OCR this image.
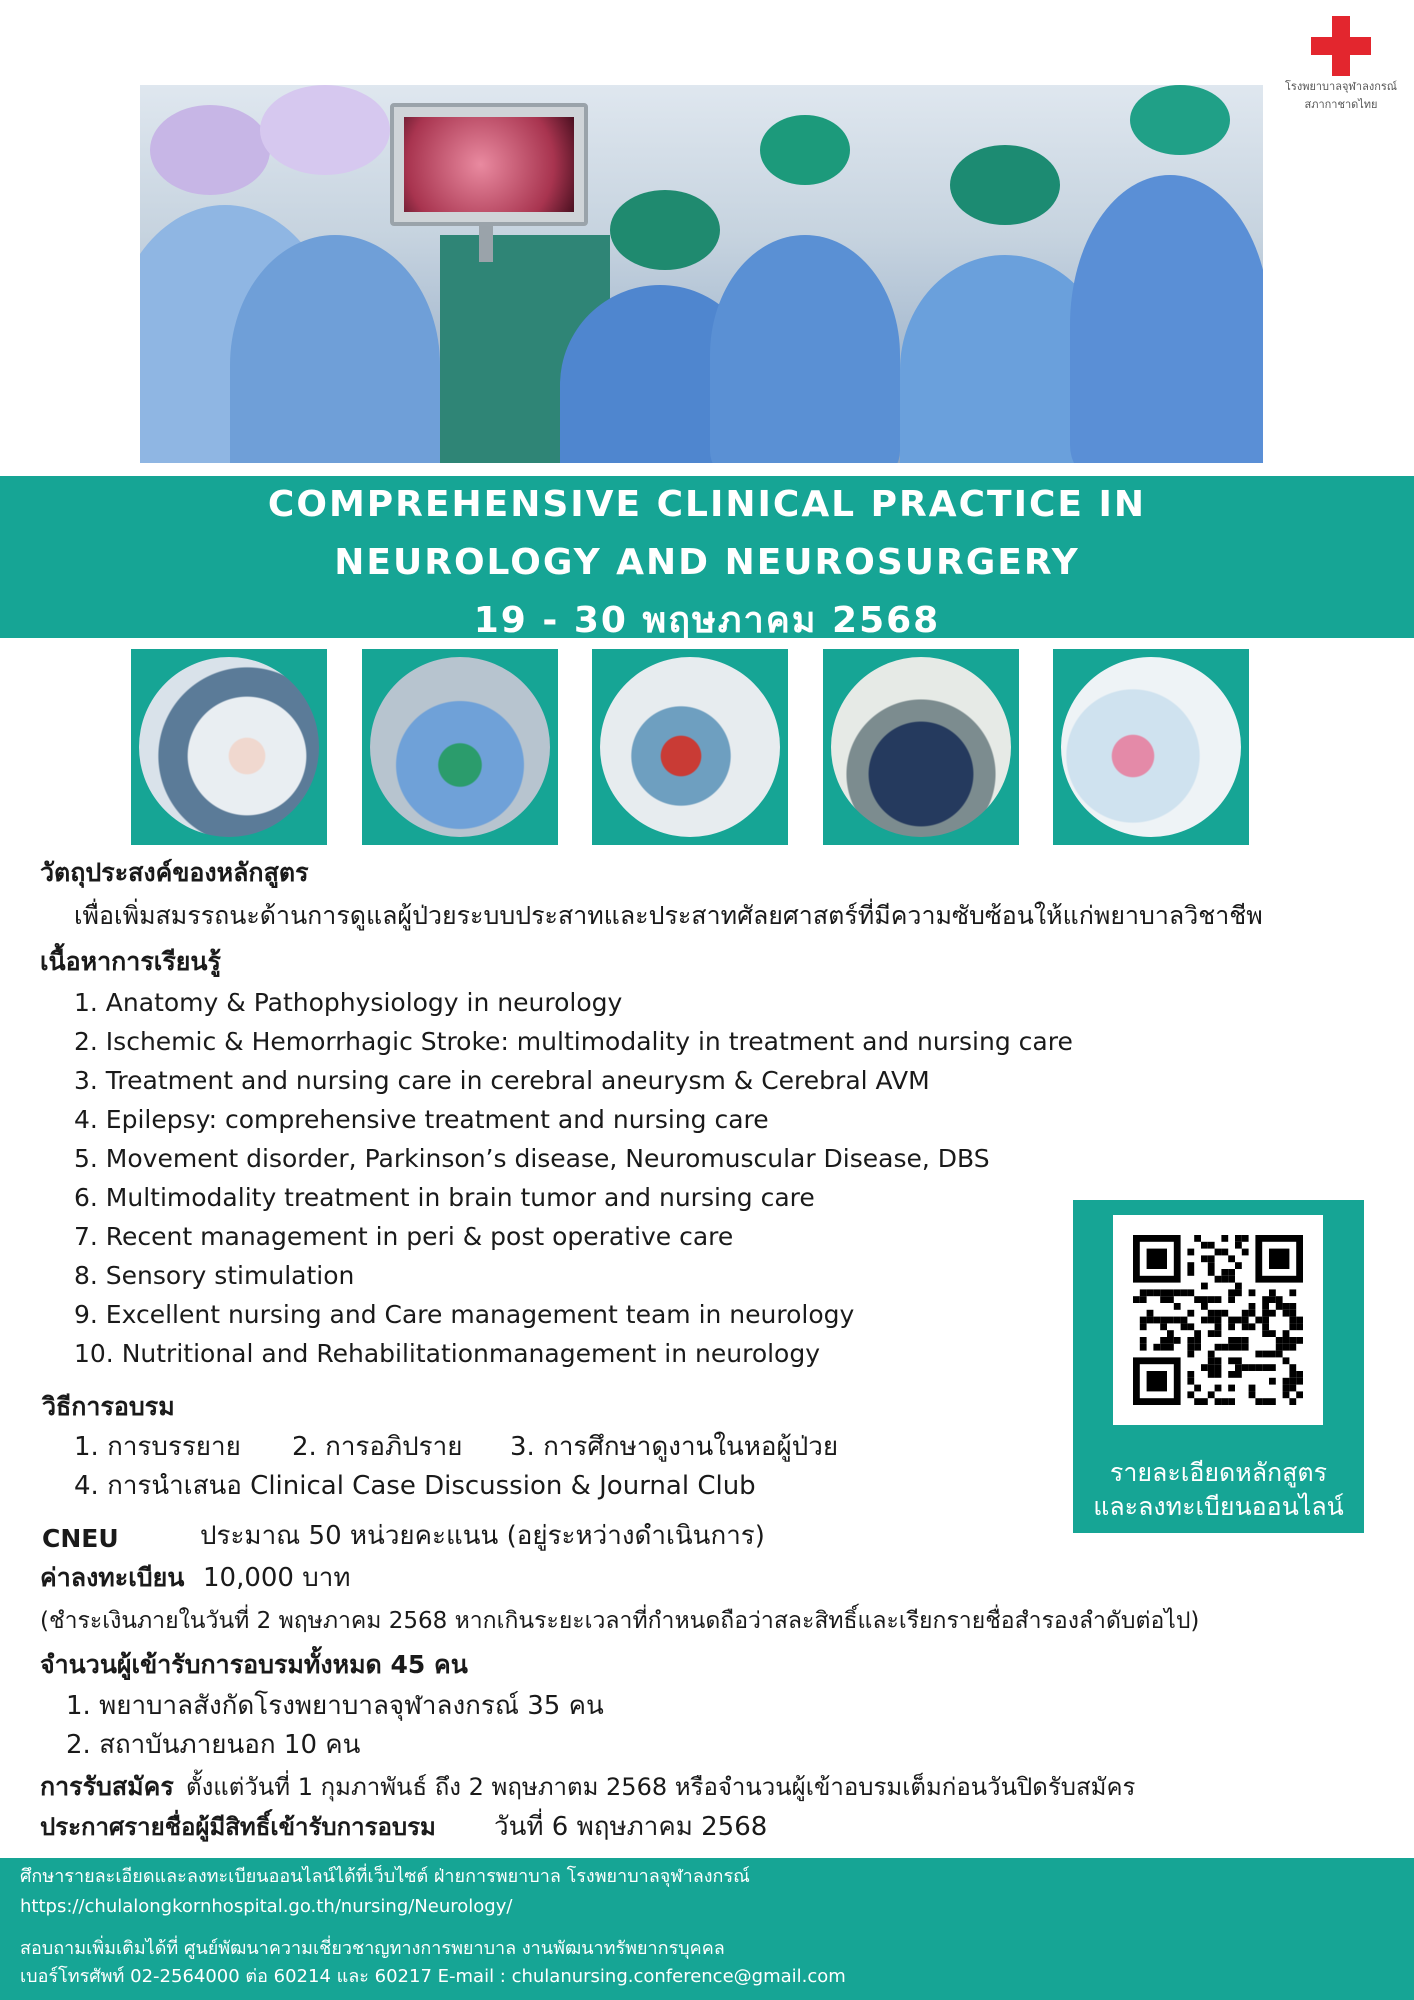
โรงพยาบาลจุฬาลงกรณ์
สภากาชาดไทย
COMPREHENSIVE CLINICAL PRACTICE IN
NEUROLOGY AND NEUROSURGERY
19 - 30 พฤษภาคม 2568
วัตถุประสงค์ของหลักสูตร
เพื่อเพิ่มสมรรถนะด้านการดูแลผู้ป่วยระบบประสาทและประสาทศัลยศาสตร์ที่มีความซับซ้อนให้แก่พยาบาลวิชาชีพ
เนื้อหาการเรียนรู้
1. Anatomy & Pathophysiology in neurology
2. Ischemic & Hemorrhagic Stroke: multimodality in treatment and nursing care
3. Treatment and nursing care in cerebral aneurysm & Cerebral AVM
4. Epilepsy: comprehensive treatment and nursing care
5. Movement disorder, Parkinson’s disease, Neuromuscular Disease, DBS
6. Multimodality treatment in brain tumor and nursing care
7. Recent management in peri & post operative care
8. Sensory stimulation
9. Excellent nursing and Care management team in neurology
10. Nutritional and Rehabilitationmanagement in neurology
รายละเอียดหลักสูตร
และลงทะเบียนออนไลน์
วิธีการอบรม
1. การบรรยาย 2. การอภิปราย 3. การศึกษาดูงานในหอผู้ป่วย
4. การนำเสนอ Clinical Case Discussion & Journal Club
CNEU	ประมาณ 50 หน่วยคะแนน (อยู่ระหว่างดำเนินการ)
ค่าลงทะเบียน 10,000 บาท
(ชำระเงินภายในวันที่ 2 พฤษภาคม 2568 หากเกินระยะเวลาที่กำหนดถือว่าสละสิทธิ์และเรียกรายชื่อสำรองลำดับต่อไป)
จำนวนผู้เข้ารับการอบรมทั้งหมด 45 คน
1. พยาบาลสังกัดโรงพยาบาลจุฬาลงกรณ์ 35 คน
2. สถาบันภายนอก 10 คน
การรับสมัคร ตั้งแต่วันที่ 1 กุมภาพันธ์ ถึง 2 พฤษภาตม 2568 หรือจำนวนผู้เข้าอบรมเต็มก่อนวันปิดรับสมัคร
ประกาศรายชื่อผู้มีสิทธิ์เข้ารับการอบรม วันที่ 6 พฤษภาคม 2568
ศึกษารายละเอียดและลงทะเบียนออนไลน์ได้ที่เว็บไซต์ ฝ่ายการพยาบาล โรงพยาบาลจุฬาลงกรณ์
https://chulalongkornhospital.go.th/nursing/Neurology/
สอบถามเพิ่มเติมได้ที่ ศูนย์พัฒนาความเชี่ยวชาญทางการพยาบาล งานพัฒนาทรัพยากรบุคคล
เบอร์โทรศัพท์ 02-2564000 ต่อ 60214 และ 60217 E-mail : chulanursing.conference@gmail.com
